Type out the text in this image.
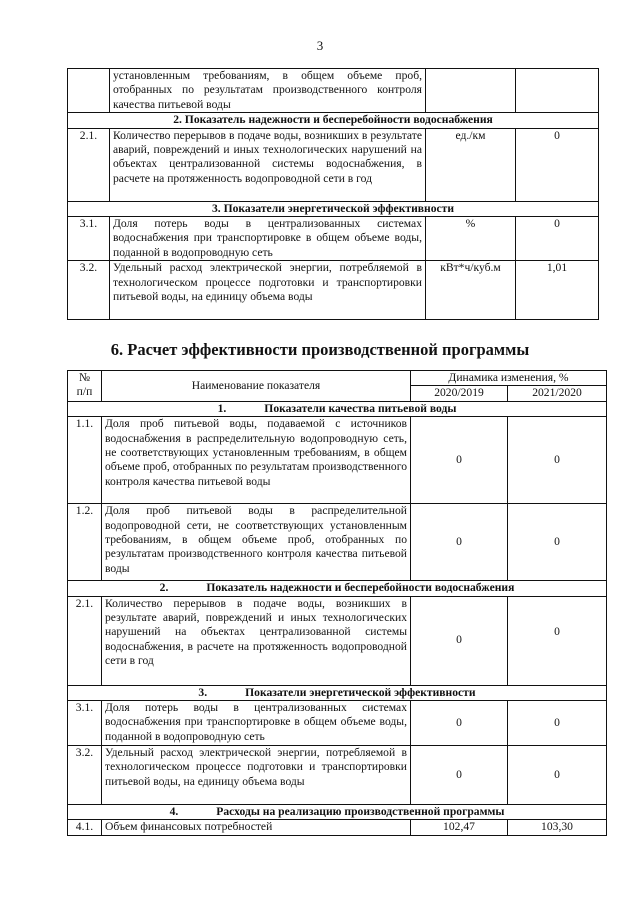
3
	установленным требованиям, в общем объеме проб, отобранных по результатам производственного контроля качества питьевой воды		
2. Показатель надежности и бесперебойности водоснабжения			
2.1.	Количество перерывов в подаче воды, возникших в результате аварий, повреждений и иных технологических нарушений на объектах централизованной системы водоснабжения, в расчете на протяженность водопроводной сети в год	ед./км	0
3. Показатели энергетической эффективности			
3.1.	Доля потерь воды в централизованных системах водоснабжения при транспортировке в общем объеме воды, поданной в водопроводную сеть	%	0
3.2.	Удельный расход электрической энергии, потребляемой в технологическом процессе подготовки и транспортировки питьевой воды, на единицу объема воды	кВт*ч/куб.м	1,01
6. Расчет эффективности производственной программы
№
п/п	Наименование показателя	Динамика изменения, %	
		2020/2019	2021/2020
1. Показатели качества питьевой воды			
1.1.	Доля проб питьевой воды, подаваемой с источников водоснабжения в распределительную водопроводную сеть, не соответствующих установленным требованиям, в общем объеме проб, отобранных по результатам производственного контроля качества питьевой воды	0	0
1.2.	Доля проб питьевой воды в распределительной водопроводной сети, не соответствующих установленным требованиям, в общем объеме проб, отобранных по результатам производственного контроля качества питьевой воды	0	0
2. Показатель надежности и бесперебойности водоснабжения			
2.1.	Количество перерывов в подаче воды, возникших в результате аварий, повреждений и иных технологических нарушений на объектах централизованной системы водоснабжения, в расчете на протяженность водопроводной сети в год	0	0
3. Показатели энергетической эффективности			
3.1.	Доля потерь воды в централизованных системах водоснабжения при транспортировке в общем объеме воды, поданной в водопроводную сеть	0	0
3.2.	Удельный расход электрической энергии, потребляемой в технологическом процессе подготовки и транспортировки питьевой воды, на единицу объема воды	0	0
4. Расходы на реализацию производственной программы			
4.1.	Объем финансовых потребностей	102,47	103,30
